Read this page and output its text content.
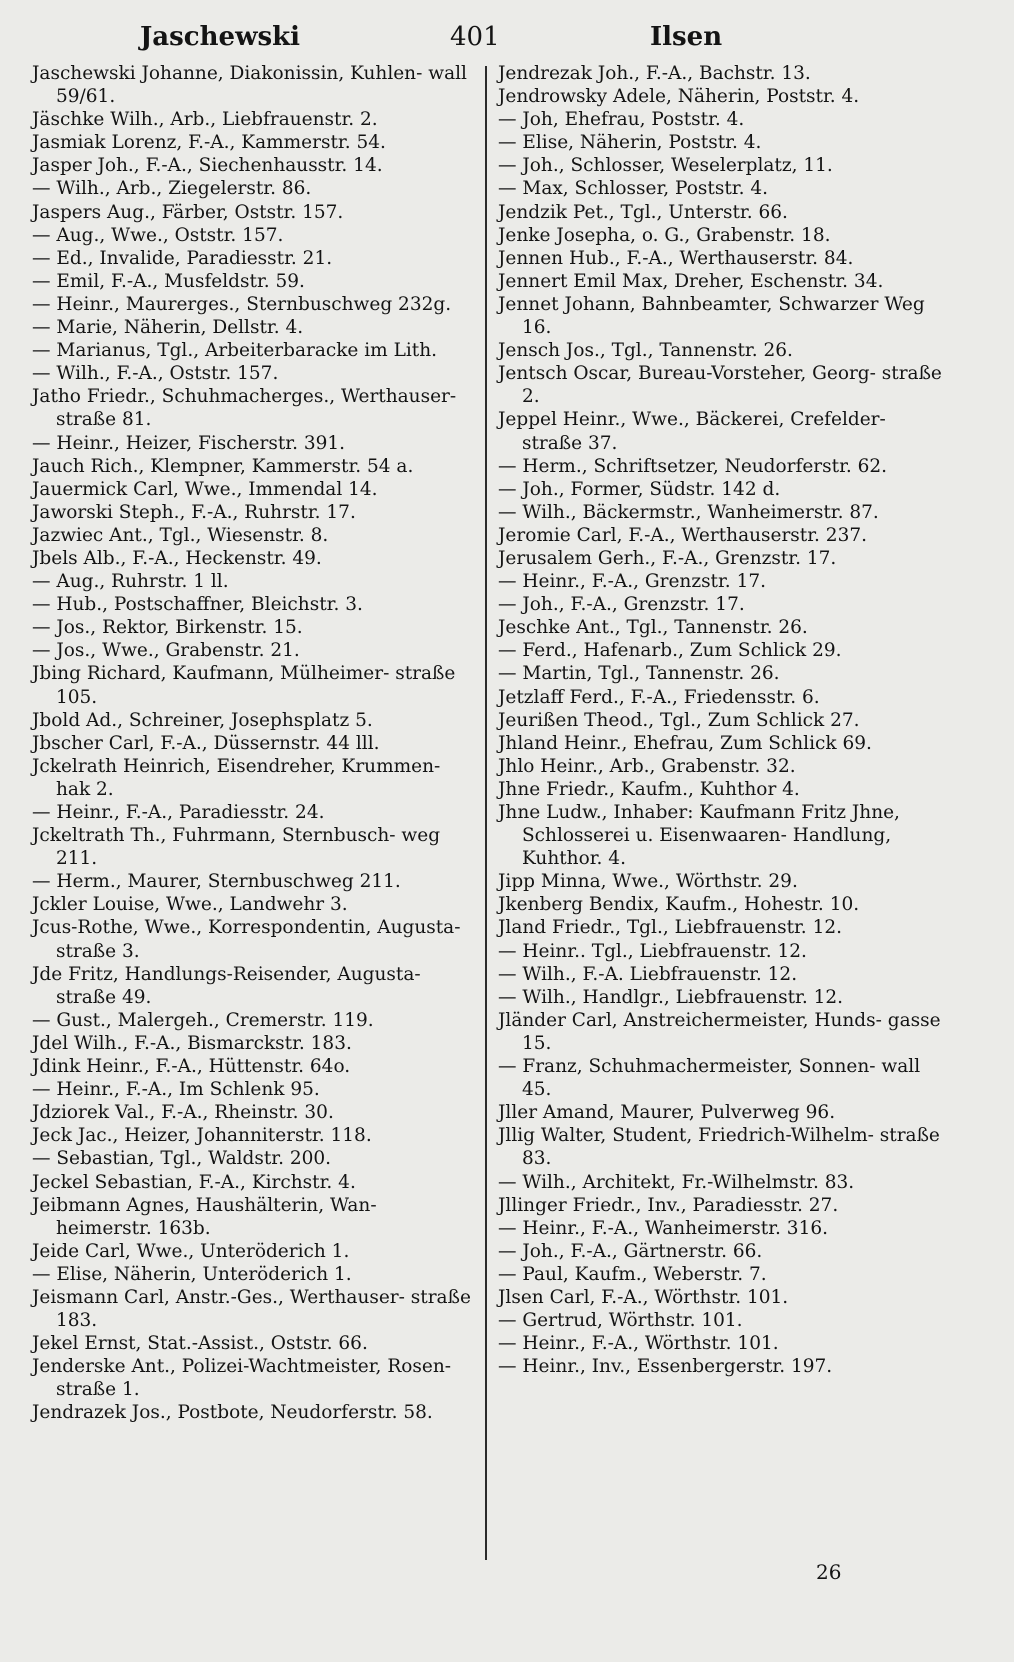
Jaschewski	401	Ilsen

Jaschewski Johanne, Diakonissin, Kuhlen- wall 59/61.

Jäschke Wilh., Arb., Liebfrauenstr. 2.

Jasmiak Lorenz, F.-A., Kammerstr. 54.

Jasper Joh., F.-A., Siechenhausstr. 14.

— Wilh., Arb., Ziegelerstr. 86.

Jaspers Aug., Färber, Oststr. 157.

— Aug., Wwe., Oststr. 157.

— Ed., Invalide, Paradiesstr. 21.

— Emil, F.-A., Musfeldstr. 59.

— Heinr., Maurerges., Sternbuschweg 232g.

— Marie, Näherin, Dellstr. 4.

— Marianus, Tgl., Arbeiterbaracke im Lith.

— Wilh., F.-A., Oststr. 157.

Jatho Friedr., Schuhmacherges., Werthauser- straße 81.

— Heinr., Heizer, Fischerstr. 391.

Jauch Rich., Klempner, Kammerstr. 54 a.

Jauermick Carl, Wwe., Immendal 14.

Jaworski Steph., F.-A., Ruhrstr. 17.

Jazwiec Ant., Tgl., Wiesenstr. 8.

Jbels Alb., F.-A., Heckenstr. 49.

— Aug., Ruhrstr. 1 ll.

— Hub., Postschaffner, Bleichstr. 3.

— Jos., Rektor, Birkenstr. 15.

— Jos., Wwe., Grabenstr. 21.

Jbing Richard, Kaufmann, Mülheimer- straße 105.

Jbold Ad., Schreiner, Josephsplatz 5.

Jbscher Carl, F.-A., Düssernstr. 44 lll.

Jckelrath Heinrich, Eisendreher, Krummen- hak 2.

— Heinr., F.-A., Paradiesstr. 24.

Jckeltrath Th., Fuhrmann, Sternbusch- weg 211.

— Herm., Maurer, Sternbuschweg 211.

Jckler Louise, Wwe., Landwehr 3.

Jcus-Rothe, Wwe., Korrespondentin, Augusta- straße 3.

Jde Fritz, Handlungs-Reisender, Augusta- straße 49.

— Gust., Malergeh., Cremerstr. 119.

Jdel Wilh., F.-A., Bismarckstr. 183.

Jdink Heinr., F.-A., Hüttenstr. 64o.

— Heinr., F.-A., Im Schlenk 95.

Jdziorek Val., F.-A., Rheinstr. 30.

Jeck Jac., Heizer, Johanniterstr. 118.

— Sebastian, Tgl., Waldstr. 200.

Jeckel Sebastian, F.-A., Kirchstr. 4.

Jeibmann Agnes, Haushälterin, Wan- heimerstr. 163b.

Jeide Carl, Wwe., Unteröderich 1.

— Elise, Näherin, Unteröderich 1.

Jeismann Carl, Anstr.-Ges., Werthauser- straße 183.

Jekel Ernst, Stat.-Assist., Oststr. 66.

Jenderske Ant., Polizei-Wachtmeister, Rosen- straße 1.

Jendrazek Jos., Postbote, Neudorferstr. 58.

Jendrezak Joh., F.-A., Bachstr. 13.

Jendrowsky Adele, Näherin, Poststr. 4.

— Joh, Ehefrau, Poststr. 4.

— Elise, Näherin, Poststr. 4.

— Joh., Schlosser, Weselerplatz, 11.

— Max, Schlosser, Poststr. 4.

Jendzik Pet., Tgl., Unterstr. 66.

Jenke Josepha, o. G., Grabenstr. 18.

Jennen Hub., F.-A., Werthauserstr. 84.

Jennert Emil Max, Dreher, Eschenstr. 34.

Jennet Johann, Bahnbeamter, Schwarzer Weg 16.

Jensch Jos., Tgl., Tannenstr. 26.

Jentsch Oscar, Bureau-Vorsteher, Georg- straße 2.

Jeppel Heinr., Wwe., Bäckerei, Crefelder- straße 37.

— Herm., Schriftsetzer, Neudorferstr. 62.

— Joh., Former, Südstr. 142 d.

— Wilh., Bäckermstr., Wanheimerstr. 87.

Jeromie Carl, F.-A., Werthauserstr. 237.

Jerusalem Gerh., F.-A., Grenzstr. 17.

— Heinr., F.-A., Grenzstr. 17.

— Joh., F.-A., Grenzstr. 17.

Jeschke Ant., Tgl., Tannenstr. 26.

— Ferd., Hafenarb., Zum Schlick 29.

— Martin, Tgl., Tannenstr. 26.

Jetzlaff Ferd., F.-A., Friedensstr. 6.

Jeurißen Theod., Tgl., Zum Schlick 27.

Jhland Heinr., Ehefrau, Zum Schlick 69.

Jhlo Heinr., Arb., Grabenstr. 32.

Jhne Friedr., Kaufm., Kuhthor 4.

Jhne Ludw., Inhaber: Kaufmann Fritz Jhne, Schlosserei u. Eisenwaaren- Handlung, Kuhthor. 4.

Jipp Minna, Wwe., Wörthstr. 29.

Jkenberg Bendix, Kaufm., Hohestr. 10.

Jland Friedr., Tgl., Liebfrauenstr. 12.

— Heinr.. Tgl., Liebfrauenstr. 12.

— Wilh., F.-A. Liebfrauenstr. 12.

— Wilh., Handlgr., Liebfrauenstr. 12.

Jländer Carl, Anstreichermeister, Hunds- gasse 15.

— Franz, Schuhmachermeister, Sonnen- wall 45.

Jller Amand, Maurer, Pulverweg 96.

Jllig Walter, Student, Friedrich-Wilhelm- straße 83.

— Wilh., Architekt, Fr.-Wilhelmstr. 83.

Jllinger Friedr., Inv., Paradiesstr. 27.

— Heinr., F.-A., Wanheimerstr. 316.

— Joh., F.-A., Gärtnerstr. 66.

— Paul, Kaufm., Weberstr. 7.

Jlsen Carl, F.-A., Wörthstr. 101.

— Gertrud, Wörthstr. 101.

— Heinr., F.-A., Wörthstr. 101.

— Heinr., Inv., Essenbergerstr. 197.

26
